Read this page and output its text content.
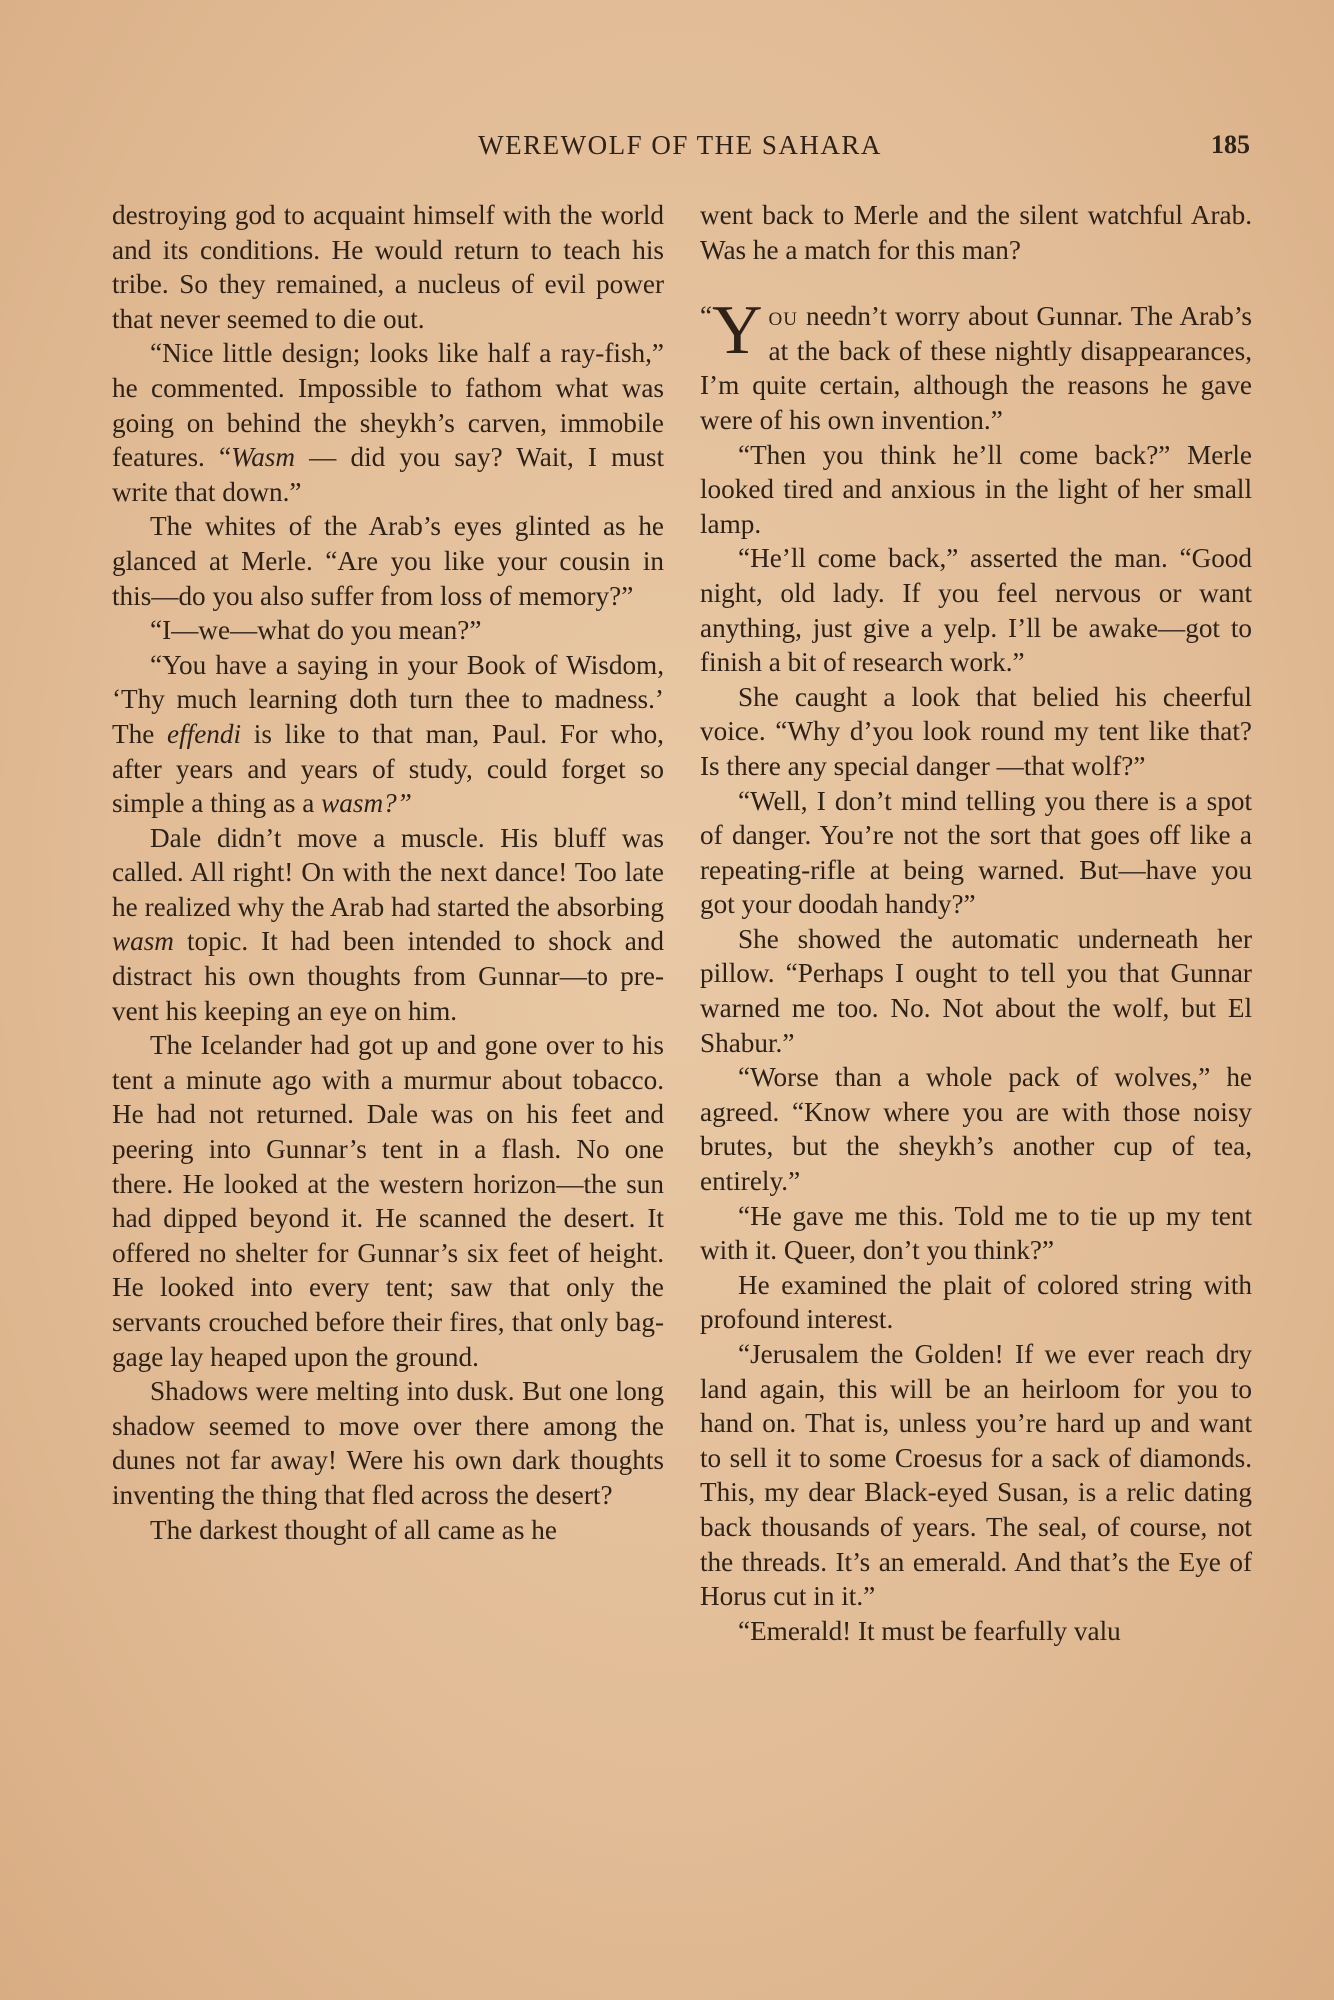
WEREWOLF OF THE SAHARA	185

destroying god to acquaint himself with the world and its conditions. He would return to teach his tribe. So they remained, a nucleus of evil power that never seemed to die out.

“Nice little design; looks like half a ray-fish,” he commented. Impossible to fathom what was going on behind the sheykh’s carven, immobile features. “Wasm — did you say? Wait, I must write that down.”

The whites of the Arab’s eyes glinted as he glanced at Merle. “Are you like your cousin in this—do you also suffer from loss of memory?”

“I—we—what do you mean?”

“You have a saying in your Book of Wisdom, ‘Thy much learning doth turn thee to madness.’ The effendi is like to that man, Paul. For who, after years and years of study, could forget so simple a thing as a wasm?”

Dale didn’t move a muscle. His bluff was called. All right! On with the next dance! Too late he realized why the Arab had started the absorbing wasm topic. It had been intended to shock and distract his own thoughts from Gunnar—to prevent his keeping an eye on him.

The Icelander had got up and gone over to his tent a minute ago with a murmur about tobacco. He had not returned. Dale was on his feet and peering into Gunnar’s tent in a flash. No one there. He looked at the western horizon—the sun had dipped beyond it. He scanned the desert. It offered no shelter for Gunnar’s six feet of height. He looked into every tent; saw that only the servants crouched before their fires, that only baggage lay heaped upon the ground.

Shadows were melting into dusk. But one long shadow seemed to move over there among the dunes not far away! Were his own dark thoughts inventing the thing that fled across the desert?

The darkest thought of all came as he

went back to Merle and the silent watchful Arab. Was he a match for this man?

“ Y ou needn’t worry about Gunnar. The Arab’s at the back of these nightly disappearances, I’m quite certain, although the reasons he gave were of his own invention.”

“Then you think he’ll come back?” Merle looked tired and anxious in the light of her small lamp.

“He’ll come back,” asserted the man. “Good night, old lady. If you feel nervous or want anything, just give a yelp. I’ll be awake—got to finish a bit of research work.”

She caught a look that belied his cheerful voice. “Why d’you look round my tent like that? Is there any special danger —that wolf?”

“Well, I don’t mind telling you there is a spot of danger. You’re not the sort that goes off like a repeating-rifle at being warned. But—have you got your doodah handy?”

She showed the automatic underneath her pillow. “Perhaps I ought to tell you that Gunnar warned me too. No. Not about the wolf, but El Shabur.”

“Worse than a whole pack of wolves,” he agreed. “Know where you are with those noisy brutes, but the sheykh’s another cup of tea, entirely.”

“He gave me this. Told me to tie up my tent with it. Queer, don’t you think?”

He examined the plait of colored string with profound interest.

“Jerusalem the Golden! If we ever reach dry land again, this will be an heirloom for you to hand on. That is, unless you’re hard up and want to sell it to some Croesus for a sack of diamonds. This, my dear Black-eyed Susan, is a relic dating back thousands of years. The seal, of course, not the threads. It’s an emerald. And that’s the Eye of Horus cut in it.”

“Emerald! It must be fearfully valu
